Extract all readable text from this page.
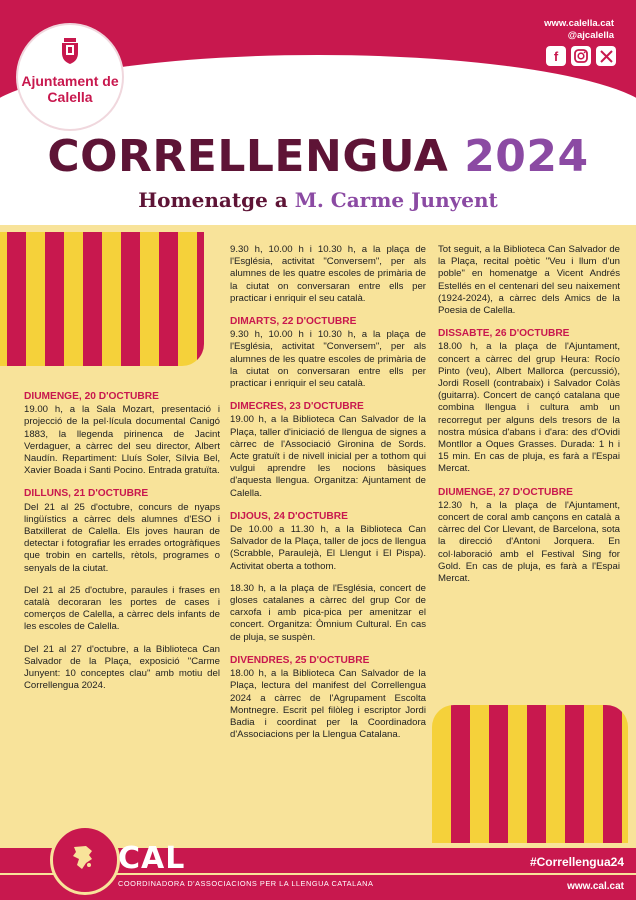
Ajuntament de Calella
www.calella.cat
@ajcalella
f
CORRELLENGUA 2024
Homenatge a M. Carme Junyent
DIUMENGE, 20 D'OCTUBRE
19.00 h, a la Sala Mozart, presentació i projecció de la pel·lícula documental Canigó 1883, la llegenda pirinenca de Jacint Verdaguer, a càrrec del seu director, Albert Naudín. Repartiment: Lluís Soler, Sílvia Bel, Xavier Boada i Santi Pocino. Entrada gratuïta.
DILLUNS, 21 D'OCTUBRE
Del 21 al 25 d'octubre, concurs de nyaps lingüístics a càrrec dels alumnes d'ESO i Batxillerat de Calella. Els joves hauran de detectar i fotografiar les errades ortogràfiques que trobin en cartells, rètols, programes o senyals de la ciutat.
Del 21 al 25 d'octubre, paraules i frases en català decoraran les portes de cases i comerços de Calella, a càrrec dels infants de les escoles de Calella.
Del 21 al 27 d'octubre, a la Biblioteca Can Salvador de la Plaça, exposició "Carme Junyent: 10 conceptes clau" amb motiu del Correllengua 2024.
9.30 h, 10.00 h i 10.30 h, a la plaça de l'Església, activitat "Conversem", per als alumnes de les quatre escoles de primària de la ciutat on conversaran entre ells per practicar i enriquir el seu català.
DIMARTS, 22 D'OCTUBRE
9.30 h, 10.00 h i 10.30 h, a la plaça de l'Església, activitat "Conversem", per als alumnes de les quatre escoles de primària de la ciutat on conversaran entre ells per practicar i enriquir el seu català.
DIMECRES, 23 D'OCTUBRE
19.00 h, a la Biblioteca Can Salvador de la Plaça, taller d'iniciació de llengua de signes a càrrec de l'Associació Gironina de Sords. Acte gratuït i de nivell inicial per a tothom qui vulgui aprendre les nocions bàsiques d'aquesta llengua. Organitza: Ajuntament de Calella.
DIJOUS, 24 D'OCTUBRE
De 10.00 a 11.30 h, a la Biblioteca Can Salvador de la Plaça, taller de jocs de llengua (Scrabble, Paraulejà, El Llengut i El Pispa). Activitat oberta a tothom.
18.30 h, a la plaça de l'Església, concert de gloses catalanes a càrrec del grup Cor de carxofa i amb pica-pica per amenitzar el concert. Organitza: Òmnium Cultural. En cas de pluja, se suspèn.
DIVENDRES, 25 D'OCTUBRE
18.00 h, a la Biblioteca Can Salvador de la Plaça, lectura del manifest del Correllengua 2024 a càrrec de l'Agrupament Escolta Montnegre. Escrit pel filòleg i escriptor Jordi Badia i coordinat per la Coordinadora d'Associacions per la Llengua Catalana.
Tot seguit, a la Biblioteca Can Salvador de la Plaça, recital poètic "Veu i llum d'un poble" en homenatge a Vicent Andrés Estellés en el centenari del seu naixement (1924-2024), a càrrec dels Amics de la Poesia de Calella.
DISSABTE, 26 D'OCTUBRE
18.00 h, a la plaça de l'Ajuntament, concert a càrrec del grup Heura: Rocío Pinto (veu), Albert Mallorca (percussió), Jordi Rosell (contrabaix) i Salvador Colàs (guitarra). Concert de cançó catalana que combina llengua i cultura amb un recorregut per alguns dels tresors de la nostra música d'abans i d'ara: des d'Ovidi Montllor a Oques Grasses. Durada: 1 h i 15 min. En cas de pluja, es farà a l'Espai Mercat.
DIUMENGE, 27 D'OCTUBRE
12.30 h, a la plaça de l'Ajuntament, concert de coral amb cançons en català a càrrec del Cor Llevant, de Barcelona, sota la direcció d'Antoni Jorquera. En col·laboració amb el Festival Sing for Gold. En cas de pluja, es farà a l'Espai Mercat.
CAL
COORDINADORA D'ASSOCIACIONS PER LA LLENGUA CATALANA
#Correllengua24
www.cal.cat
